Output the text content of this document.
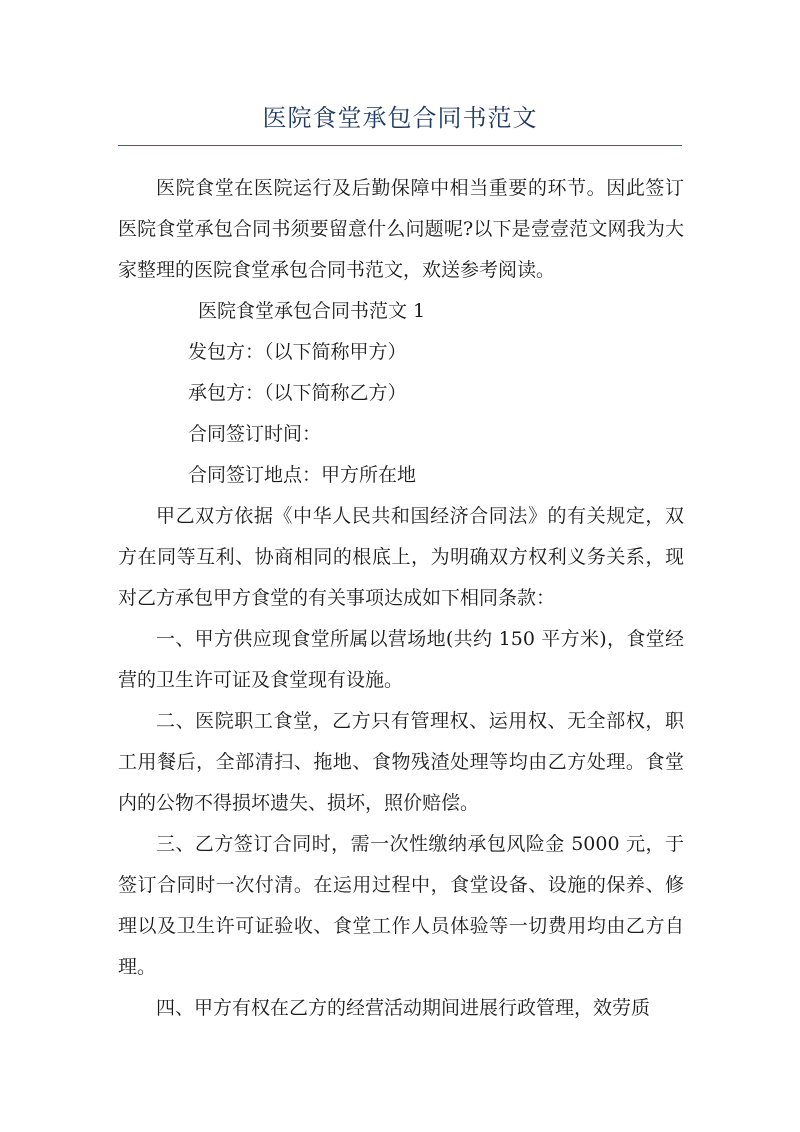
医院食堂承包合同书范文

医院食堂在医院运行及后勤保障中相当重要的环节。因此签订医院食堂承包合同书须要留意什么问题呢?以下是壹壹范文网我为大家整理的医院食堂承包合同书范文，欢送参考阅读。

医院食堂承包合同书范文 1

发包方：（以下简称甲方）

承包方：（以下简称乙方）

合同签订时间：

合同签订地点：甲方所在地

甲乙双方依据《中华人民共和国经济合同法》的有关规定，双方在同等互利、协商相同的根底上，为明确双方权利义务关系，现对乙方承包甲方食堂的有关事项达成如下相同条款：

一、甲方供应现食堂所属以营场地(共约 150 平方米)，食堂经营的卫生许可证及食堂现有设施。

二、医院职工食堂，乙方只有管理权、运用权、无全部权，职工用餐后，全部清扫、拖地、食物残渣处理等均由乙方处理。食堂内的公物不得损坏遗失、损坏，照价赔偿。

三、乙方签订合同时，需一次性缴纳承包风险金 5000 元，于签订合同时一次付清。在运用过程中，食堂设备、设施的保养、修理以及卫生许可证验收、食堂工作人员体验等一切费用均由乙方自理。

四、甲方有权在乙方的经营活动期间进展行政管理，效劳质
